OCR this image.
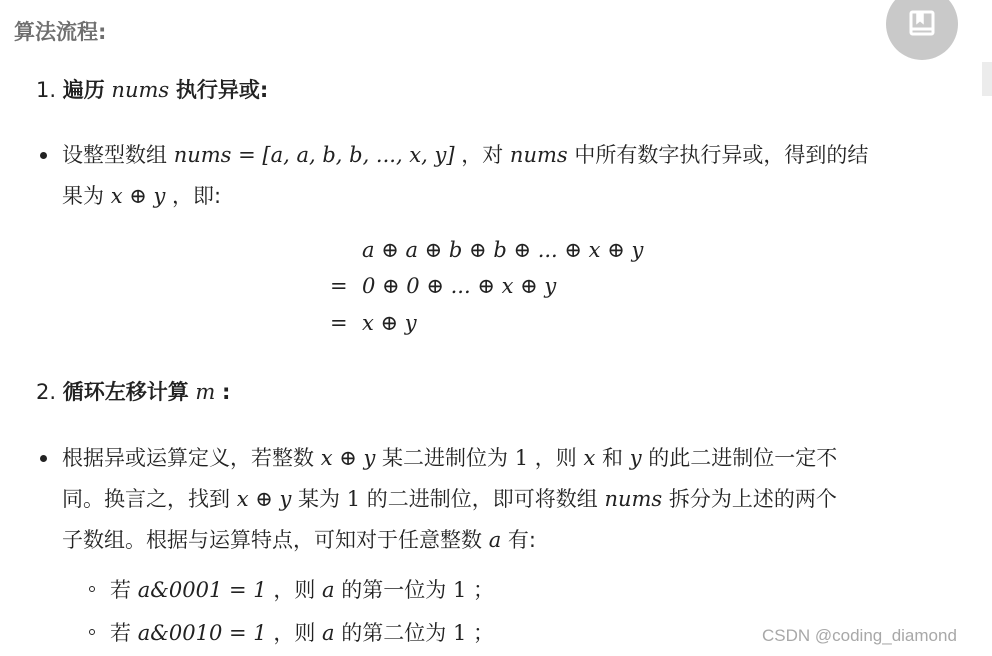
算法流程:
1. 遍历 nums 执行异或:
设整型数组 nums = [a, a, b, b, ..., x, y] ，对 nums 中所有数字执行异或，得到的结
果为 x ⊕ y ，即:
a ⊕ a ⊕ b ⊕ b ⊕ ... ⊕ x ⊕ y
= 0 ⊕ 0 ⊕ ... ⊕ x ⊕ y
= x ⊕ y
2. 循环左移计算 m :
根据异或运算定义，若整数 x ⊕ y 某二进制位为 1 ，则 x 和 y 的此二进制位一定不
同。换言之，找到 x ⊕ y 某为 1 的二进制位，即可将数组 nums 拆分为上述的两个
子数组。根据与运算特点，可知对于任意整数 a 有:
若 a&0001 = 1 ，则 a 的第一位为 1 ；
若 a&0010 = 1 ，则 a 的第二位为 1 ；	CSDN @coding_diamond
